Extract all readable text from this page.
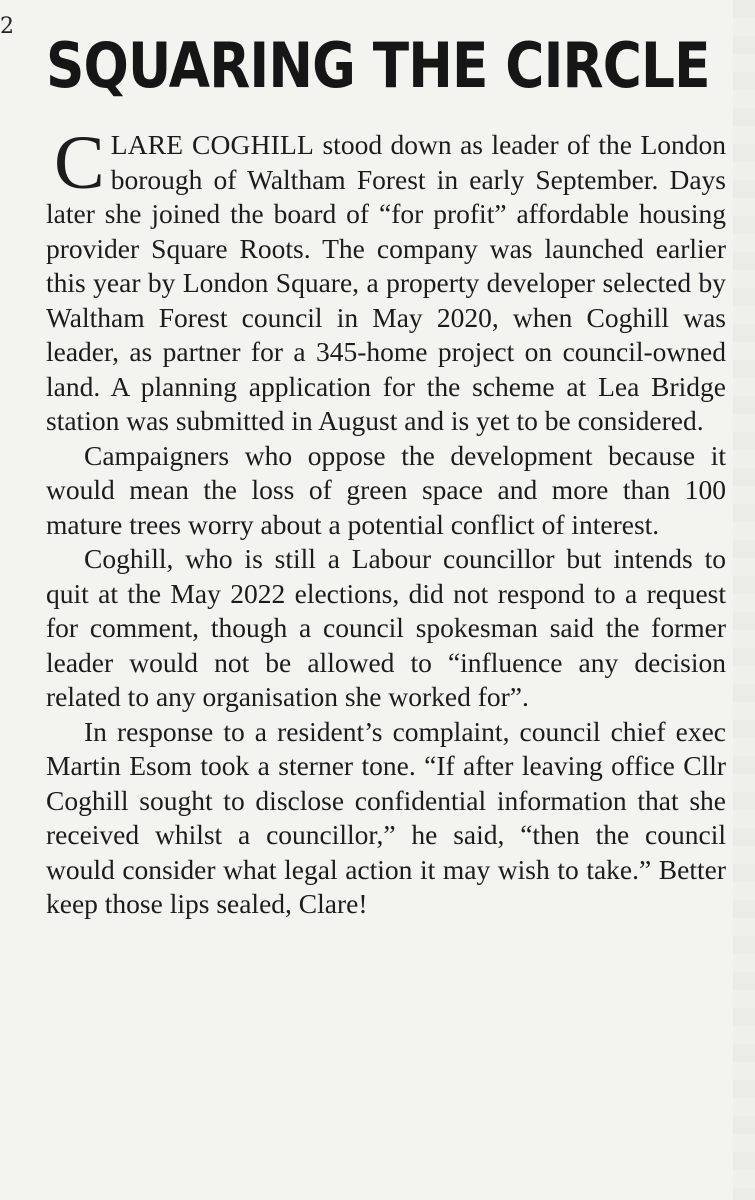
2
SQUARING THE CIRCLE

CLARE COGHILL stood down as leader of the London borough of Waltham Forest in early September. Days later she joined the board of “for profit” affordable housing provider Square Roots. The company was launched earlier this year by London Square, a property developer selected by Waltham Forest council in May 2020, when Coghill was leader, as partner for a 345-home project on council-owned land. A planning application for the scheme at Lea Bridge station was submitted in August and is yet to be considered.

Campaigners who oppose the development because it would mean the loss of green space and more than 100 mature trees worry about a potential conflict of interest.

Coghill, who is still a Labour councillor but intends to quit at the May 2022 elections, did not respond to a request for comment, though a council spokesman said the former leader would not be allowed to “influence any decision related to any organisation she worked for”.

In response to a resident’s complaint, council chief exec Martin Esom took a sterner tone. “If after leaving office Cllr Coghill sought to disclose confidential information that she received whilst a councillor,” he said, “then the council would consider what legal action it may wish to take.” Better keep those lips sealed, Clare!
